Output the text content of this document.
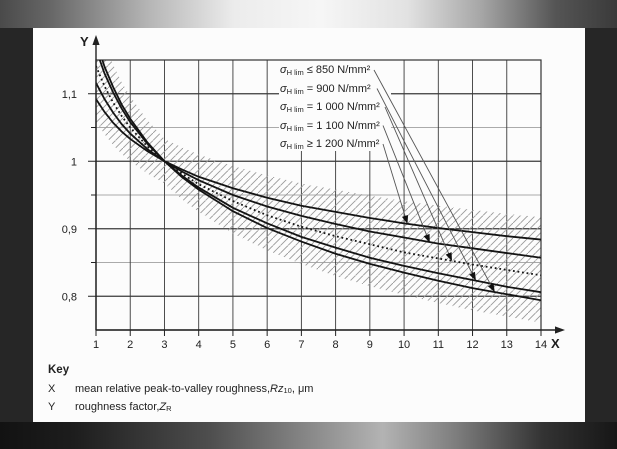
1	2	3	4	5	6	7	8	9 10 11 12 13 14
1,1
1
0,9
0,8
Y
X
σ H lim ≤ 850 N/mm²
σ H lim = 900 N/mm²
σ H lim = 1 000 N/mm²
σ H lim = 1 100 N/mm²
σ H lim ≥ 1 200 N/mm²
Key
X	mean relative peak-to-valley roughness, Rz 10 , μm
Y	roughness factor, Z R
